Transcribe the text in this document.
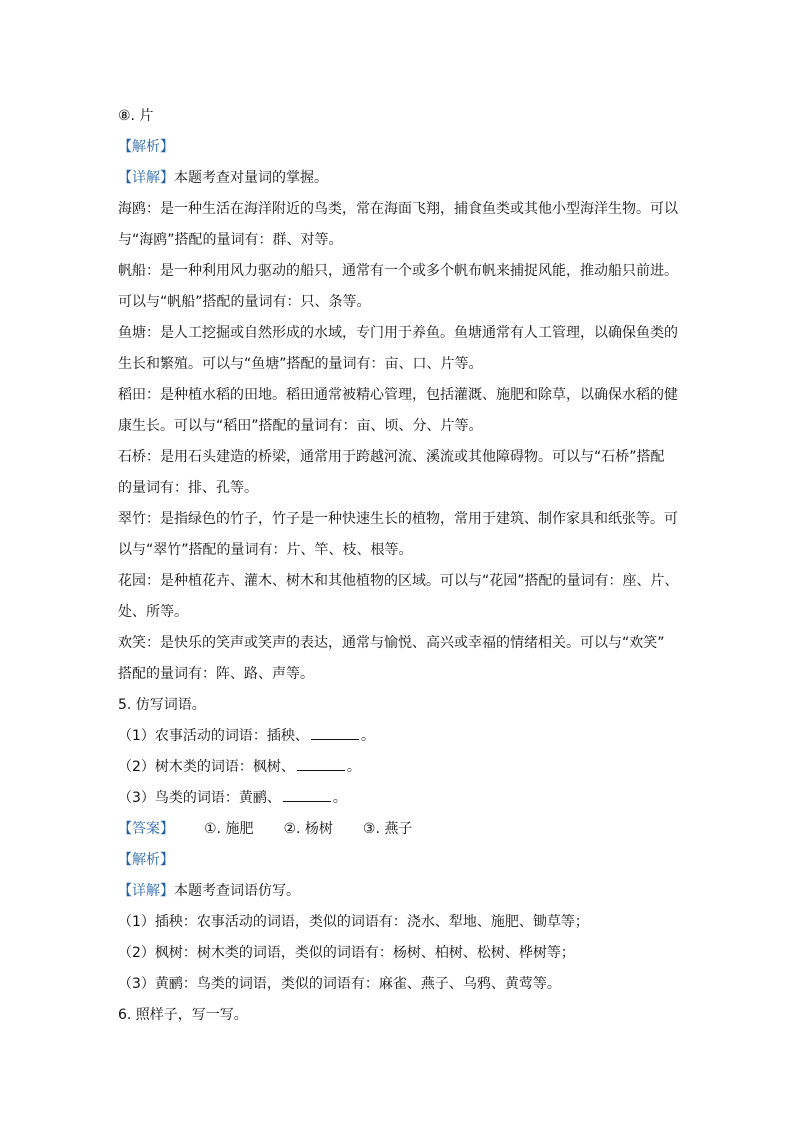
⑧. 片
【解析】
【详解】本题考查对量词的掌握。
海鸥：是一种生活在海洋附近的鸟类，常在海面飞翔，捕食鱼类或其他小型海洋生物。可以
与“海鸥”搭配的量词有：群、对等。
帆船：是一种利用风力驱动的船只，通常有一个或多个帆布帆来捕捉风能，推动船只前进。
可以与“帆船”搭配的量词有：只、条等。
鱼塘：是人工挖掘或自然形成的水域，专门用于养鱼。鱼塘通常有人工管理，以确保鱼类的
生长和繁殖。可以与“鱼塘”搭配的量词有：亩、口、片等。
稻田：是种植水稻的田地。稻田通常被精心管理，包括灌溉、施肥和除草，以确保水稻的健
康生长。可以与“稻田”搭配的量词有：亩、顷、分、片等。
石桥：是用石头建造的桥梁，通常用于跨越河流、溪流或其他障碍物。可以与“石桥”搭配
的量词有：排、孔等。
翠竹：是指绿色的竹子，竹子是一种快速生长的植物，常用于建筑、制作家具和纸张等。可
以与“翠竹”搭配的量词有：片、竿、枝、根等。
花园：是种植花卉、灌木、树木和其他植物的区域。可以与“花园”搭配的量词有：座、片、
处、所等。
欢笑：是快乐的笑声或笑声的表达，通常与愉悦、高兴或幸福的情绪相关。可以与“欢笑”
搭配的量词有：阵、路、声等。
5. 仿写词语。
（1）农事活动的词语：插秧、	。
（2）树木类的词语：枫树、	。
（3）鸟类的词语：黄鹂、	。
【答案】 ①. 施肥 ②. 杨树 ③. 燕子
【解析】
【详解】本题考查词语仿写。
（1）插秧：农事活动的词语，类似的词语有：浇水、犁地、施肥、锄草等；
（2）枫树：树木类的词语，类似的词语有：杨树、柏树、松树、桦树等；
（3）黄鹂：鸟类的词语，类似的词语有：麻雀、燕子、乌鸦、黄莺等。
6. 照样子，写一写。
